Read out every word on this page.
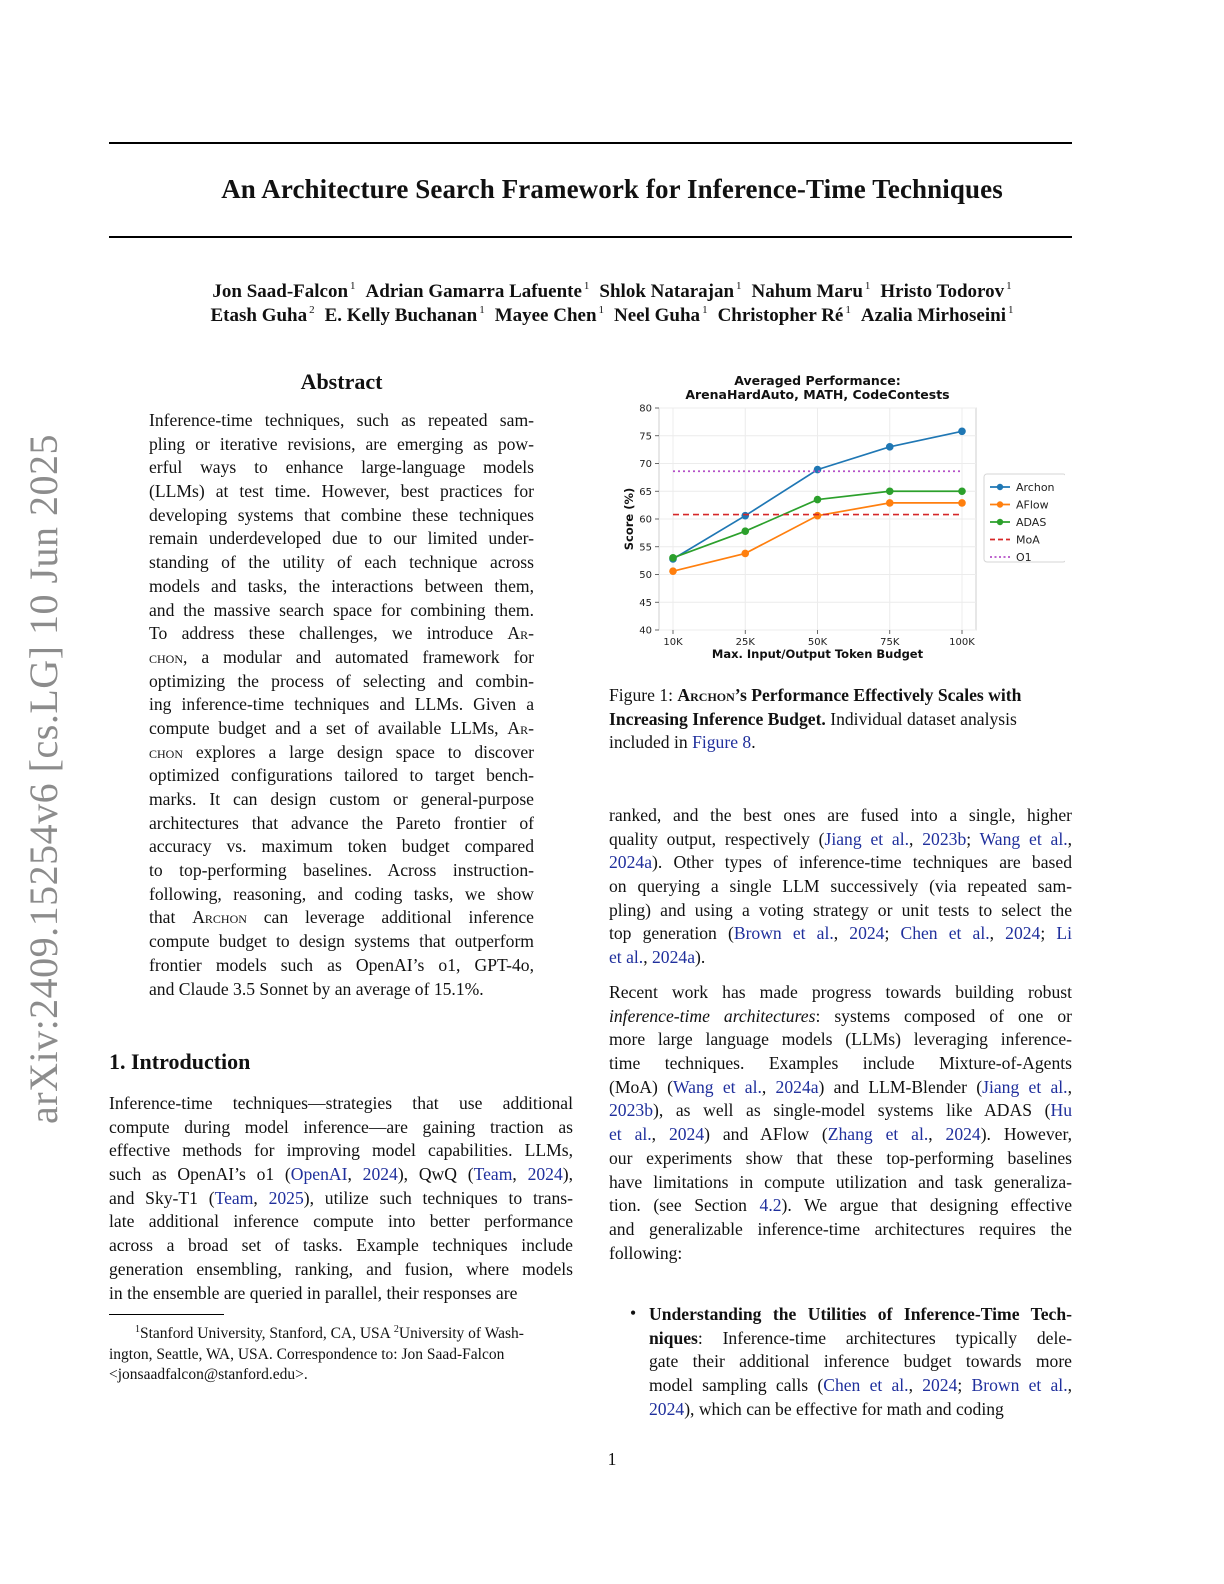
arXiv:2409.15254v6 [cs.LG] 10 Jun 2025
An Architecture Search Framework for Inference-Time Techniques
Jon Saad-Falcon $^1$ Adrian Gamarra Lafuente $^1$ Shlok Natarajan $^1$ Nahum Maru $^1$ Hristo Todorov $^1$
Etash Guha $^2$ E. Kelly Buchanan $^1$ Mayee Chen $^1$ Neel Guha $^1$ Christopher Ré $^1$ Azalia Mirhoseini $^1$
Abstract
Inference-time techniques, such as repeated sam-
pling or iterative revisions, are emerging as pow-
erful ways to enhance large-language models
(LLMs) at test time. However, best practices for
developing systems that combine these techniques
remain underdeveloped due to our limited under-
standing of the utility of each technique across
models and tasks, the interactions between them,
and the massive search space for combining them.
To address these challenges, we introduce Ar-
chon, a modular and automated framework for
optimizing the process of selecting and combin-
ing inference-time techniques and LLMs. Given a
compute budget and a set of available LLMs, Ar-
chon explores a large design space to discover
optimized configurations tailored to target bench-
marks. It can design custom or general-purpose
architectures that advance the Pareto frontier of
accuracy vs. maximum token budget compared
to top-performing baselines. Across instruction-
following, reasoning, and coding tasks, we show
that Archon can leverage additional inference
compute budget to design systems that outperform
frontier models such as OpenAI’s o1, GPT-4o,
and Claude 3.5 Sonnet by an average of 15.1%.
1. Introduction
Inference-time techniques—strategies that use additional
compute during model inference—are gaining traction as
effective methods for improving model capabilities. LLMs,
such as OpenAI’s o1 (OpenAI, 2024), QwQ (Team, 2024),
and Sky-T1 (Team, 2025), utilize such techniques to trans-
late additional inference compute into better performance
across a broad set of tasks. Example techniques include
generation ensembling, ranking, and fusion, where models
in the ensemble are queried in parallel, their responses are
$^1$Stanford University, Stanford, CA, USA $^2$University of Wash-
ington, Seattle, WA, USA. Correspondence to: Jon Saad-Falcon
<jonsaadfalcon@stanford.edu>.
Averaged Performance:
ArenaHardAuto, MATH, CodeContests
40
45
50
55
60
65
70
75
80
10K	25K	50K	75K	100K
Max. Input/Output Token Budget
Score (%)
Archon
AFlow
ADAS
MoA
O1
Figure 1: Archon’s Performance Effectively Scales with
Increasing Inference Budget. Individual dataset analysis
included in Figure 8.
ranked, and the best ones are fused into a single, higher
quality output, respectively (Jiang et al., 2023b; Wang et al.,
2024a). Other types of inference-time techniques are based
on querying a single LLM successively (via repeated sam-
pling) and using a voting strategy or unit tests to select the
top generation (Brown et al., 2024; Chen et al., 2024; Li
et al., 2024a).
Recent work has made progress towards building robust
inference-time architectures: systems composed of one or
more large language models (LLMs) leveraging inference-
time techniques. Examples include Mixture-of-Agents
(MoA) (Wang et al., 2024a) and LLM-Blender (Jiang et al.,
2023b), as well as single-model systems like ADAS (Hu
et al., 2024) and AFlow (Zhang et al., 2024). However,
our experiments show that these top-performing baselines
have limitations in compute utilization and task generaliza-
tion. (see Section 4.2). We argue that designing effective
and generalizable inference-time architectures requires the
following:
Understanding the Utilities of Inference-Time Tech-
niques: Inference-time architectures typically dele-
gate their additional inference budget towards more
model sampling calls (Chen et al., 2024; Brown et al.,
2024), which can be effective for math and coding
•
1
